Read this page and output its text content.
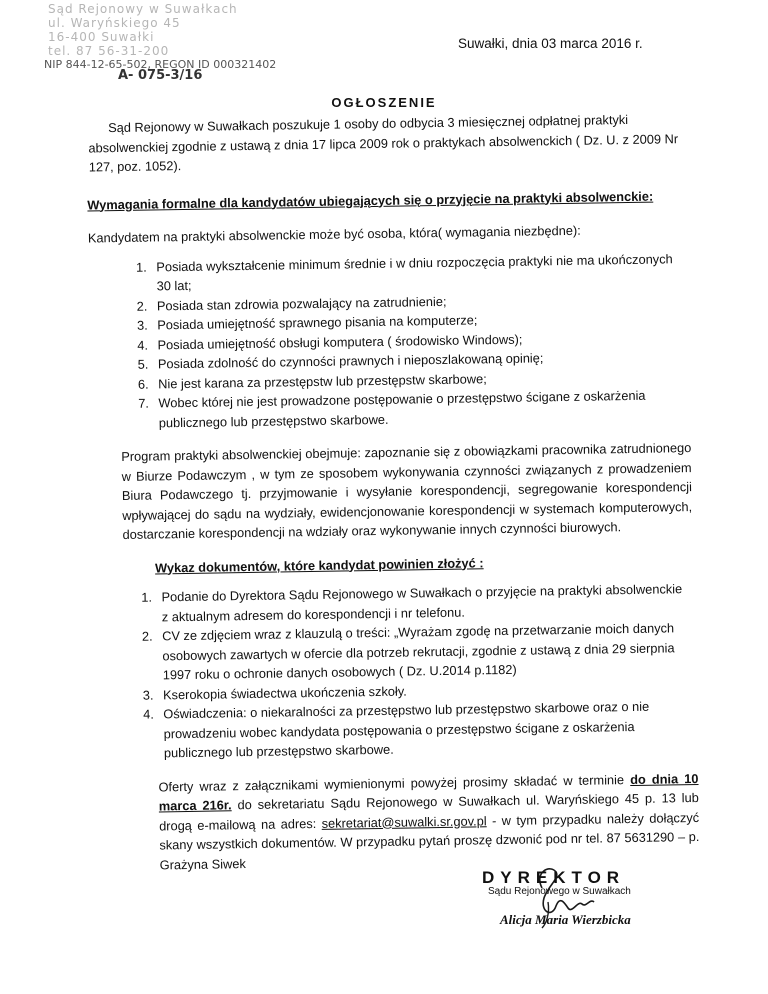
Sąd Rejonowy w Suwałkach
ul. Waryńskiego 45
16-400 Suwałki
tel. 87 56-31-200
NIP 844-12-65-502, REGON ID 000321402
A- 075-3/16
Suwałki, dnia 03 marca 2016 r.
OGŁOSZENIE

Sąd Rejonowy w Suwałkach poszukuje 1 osoby do odbycia 3 miesięcznej odpłatnej praktyki absolwenckiej zgodnie z ustawą z dnia 17 lipca 2009 rok o praktykach absolwenckich ( Dz. U. z 2009 Nr 127, poz. 1052).

Wymagania formalne dla kandydatów ubiegających się o przyjęcie na praktyki absolwenckie:

Kandydatem na praktyki absolwenckie może być osoba, która( wymagania niezbędne):

1. Posiada wykształcenie minimum średnie i w dniu rozpoczęcia praktyki nie ma ukończonych 30 lat;
2. Posiada stan zdrowia pozwalający na zatrudnienie;
3. Posiada umiejętność sprawnego pisania na komputerze;
4. Posiada umiejętność obsługi komputera ( środowisko Windows);
5. Posiada zdolność do czynności prawnych i nieposzlakowaną opinię;
6. Nie jest karana za przestępstw lub przestępstw skarbowe;
7. Wobec której nie jest prowadzone postępowanie o przestępstwo ścigane z oskarżenia publicznego lub przestępstwo skarbowe.

Program praktyki absolwenckiej obejmuje: zapoznanie się z obowiązkami pracownika zatrudnionego w Biurze Podawczym , w tym ze sposobem wykonywania czynności związanych z prowadzeniem Biura Podawczego tj. przyjmowanie i wysyłanie korespondencji, segregowanie korespondencji wpływającej do sądu na wydziały, ewidencjonowanie korespondencji w systemach komputerowych, dostarczanie korespondencji na wdziały oraz wykonywanie innych czynności biurowych.

Wykaz dokumentów, które kandydat powinien złożyć :

1. Podanie do Dyrektora Sądu Rejonowego w Suwałkach o przyjęcie na praktyki absolwenckie z aktualnym adresem do korespondencji i nr telefonu.
2. CV ze zdjęciem wraz z klauzulą o treści: „Wyrażam zgodę na przetwarzanie moich danych osobowych zawartych w ofercie dla potrzeb rekrutacji, zgodnie z ustawą z dnia 29 sierpnia 1997 roku o ochronie danych osobowych ( Dz. U.2014 p.1182)
3. Kserokopia świadectwa ukończenia szkoły.
4. Oświadczenia: o niekaralności za przestępstwo lub przestępstwo skarbowe oraz o nie prowadzeniu wobec kandydata postępowania o przestępstwo ścigane z oskarżenia publicznego lub przestępstwo skarbowe.

Oferty wraz z załącznikami wymienionymi powyżej prosimy składać w terminie do dnia 10 marca 216r. do sekretariatu Sądu Rejonowego w Suwałkach ul. Waryńskiego 45 p. 13 lub drogą e-mailową na adres: sekretariat@suwalki.sr.gov.pl - w tym przypadku należy dołączyć skany wszystkich dokumentów. W przypadku pytań proszę dzwonić pod nr tel. 87 5631290 – p. Grażyna Siwek

DYREKTOR
Sądu Rejonowego w Suwałkach
Alicja Maria Wierzbicka
